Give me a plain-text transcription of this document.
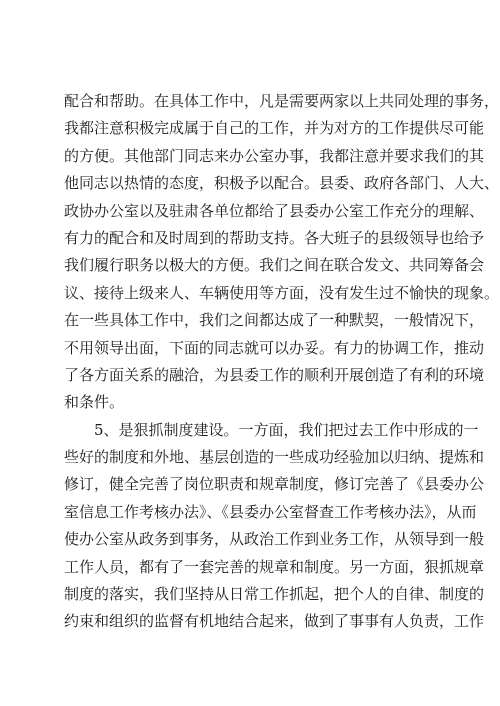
配合和帮助。在具体工作中，凡是需要两家以上共同处理的事务，
我都注意积极完成属于自己的工作，并为对方的工作提供尽可能
的方便。其他部门同志来办公室办事，我都注意并要求我们的其
他同志以热情的态度，积极予以配合。县委、政府各部门、人大、
政协办公室以及驻肃各单位都给了县委办公室工作充分的理解、
有力的配合和及时周到的帮助支持。各大班子的县级领导也给予
我们履行职务以极大的方便。我们之间在联合发文、共同筹备会
议、接待上级来人、车辆使用等方面，没有发生过不愉快的现象。
在一些具体工作中，我们之间都达成了一种默契，一般情况下，
不用领导出面，下面的同志就可以办妥。有力的协调工作，推动
了各方面关系的融洽，为县委工作的顺利开展创造了有利的环境
和条件。
5、是狠抓制度建设。一方面，我们把过去工作中形成的一
些好的制度和外地、基层创造的一些成功经验加以归纳、提炼和
修订，健全完善了岗位职责和规章制度，修订完善了《县委办公
室信息工作考核办法》、《县委办公室督查工作考核办法》，从而
使办公室从政务到事务，从政治工作到业务工作，从领导到一般
工作人员，都有了一套完善的规章和制度。另一方面，狠抓规章
制度的落实，我们坚持从日常工作抓起，把个人的自律、制度的
约束和组织的监督有机地结合起来，做到了事事有人负责，工作
